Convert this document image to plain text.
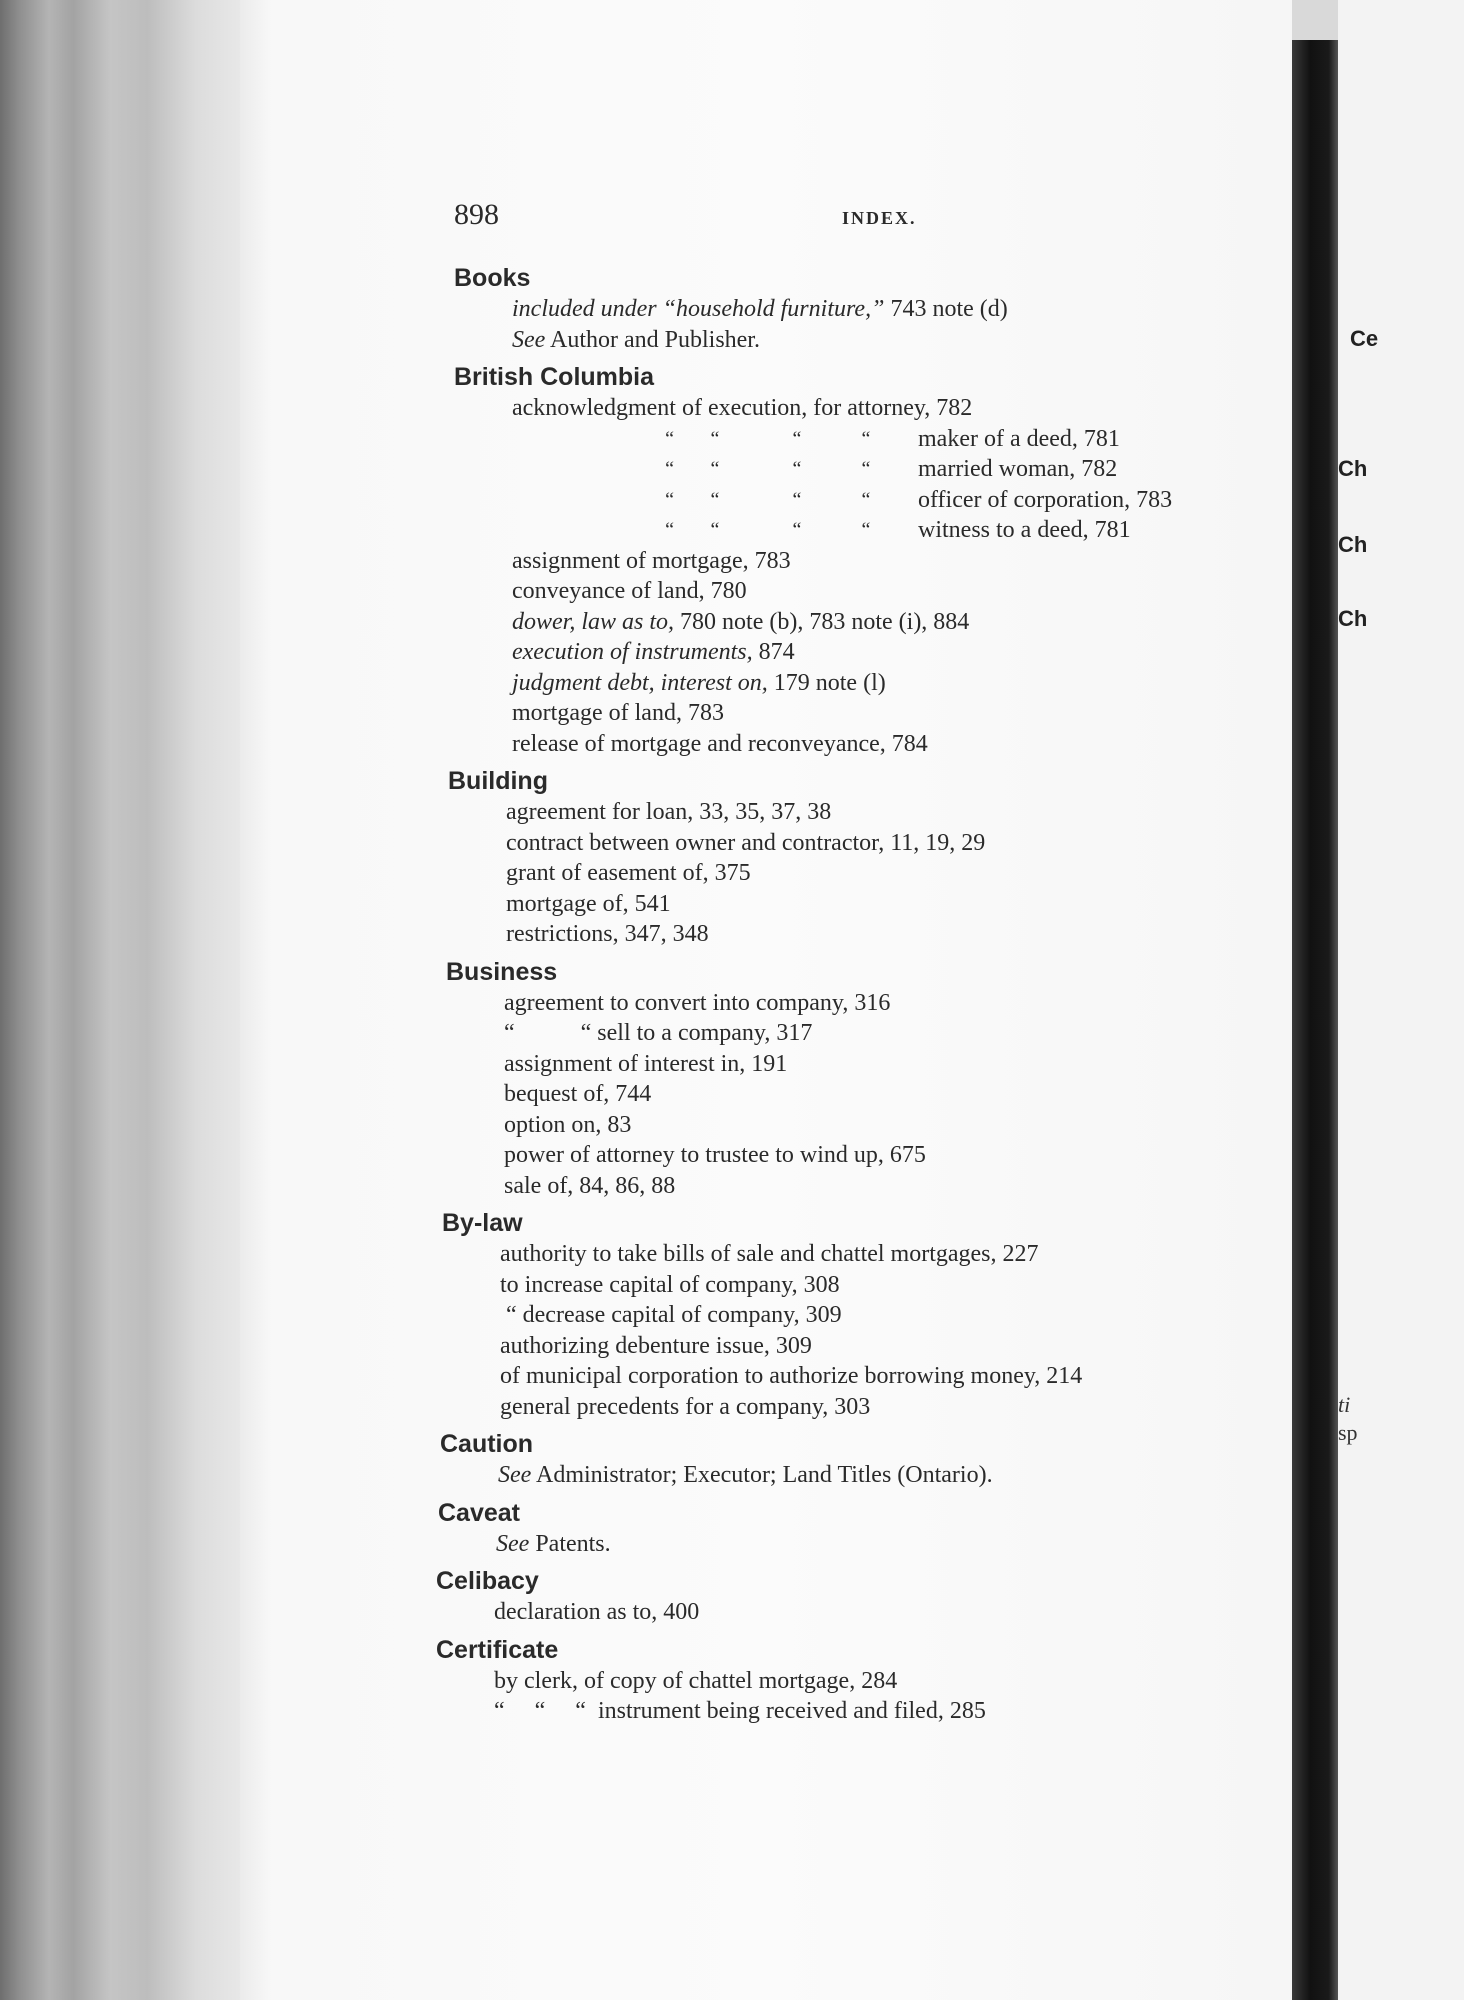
Ce
Ch
Ch
Ch
ti
sp
898	INDEX.
Books
included under “household furniture,” 743 note (d)
See Author and Publisher.
British Columbia
acknowledgment of execution, for attorney, 782
“	“	“	“	maker of a deed, 781
“	“	“	“	married woman, 782
“	“	“	“	officer of corporation, 783
“	“	“	“	witness to a deed, 781
assignment of mortgage, 783
conveyance of land, 780
dower, law as to, 780 note (b), 783 note (i), 884
execution of instruments, 874
judgment debt, interest on, 179 note (l)
mortgage of land, 783
release of mortgage and reconveyance, 784
Building
agreement for loan, 33, 35, 37, 38
contract between owner and contractor, 11, 19, 29
grant of easement of, 375
mortgage of, 541
restrictions, 347, 348
Business
agreement to convert into company, 316
“           “ sell to a company, 317
assignment of interest in, 191
bequest of, 744
option on, 83
power of attorney to trustee to wind up, 675
sale of, 84, 86, 88
By-law
authority to take bills of sale and chattel mortgages, 227
to increase capital of company, 308
“ decrease capital of company, 309
authorizing debenture issue, 309
of municipal corporation to authorize borrowing money, 214
general precedents for a company, 303
Caution
See Administrator; Executor; Land Titles (Ontario).
Caveat
See Patents.
Celibacy
declaration as to, 400
Certificate
by clerk, of copy of chattel mortgage, 284
“     “     “  instrument being received and filed, 285
